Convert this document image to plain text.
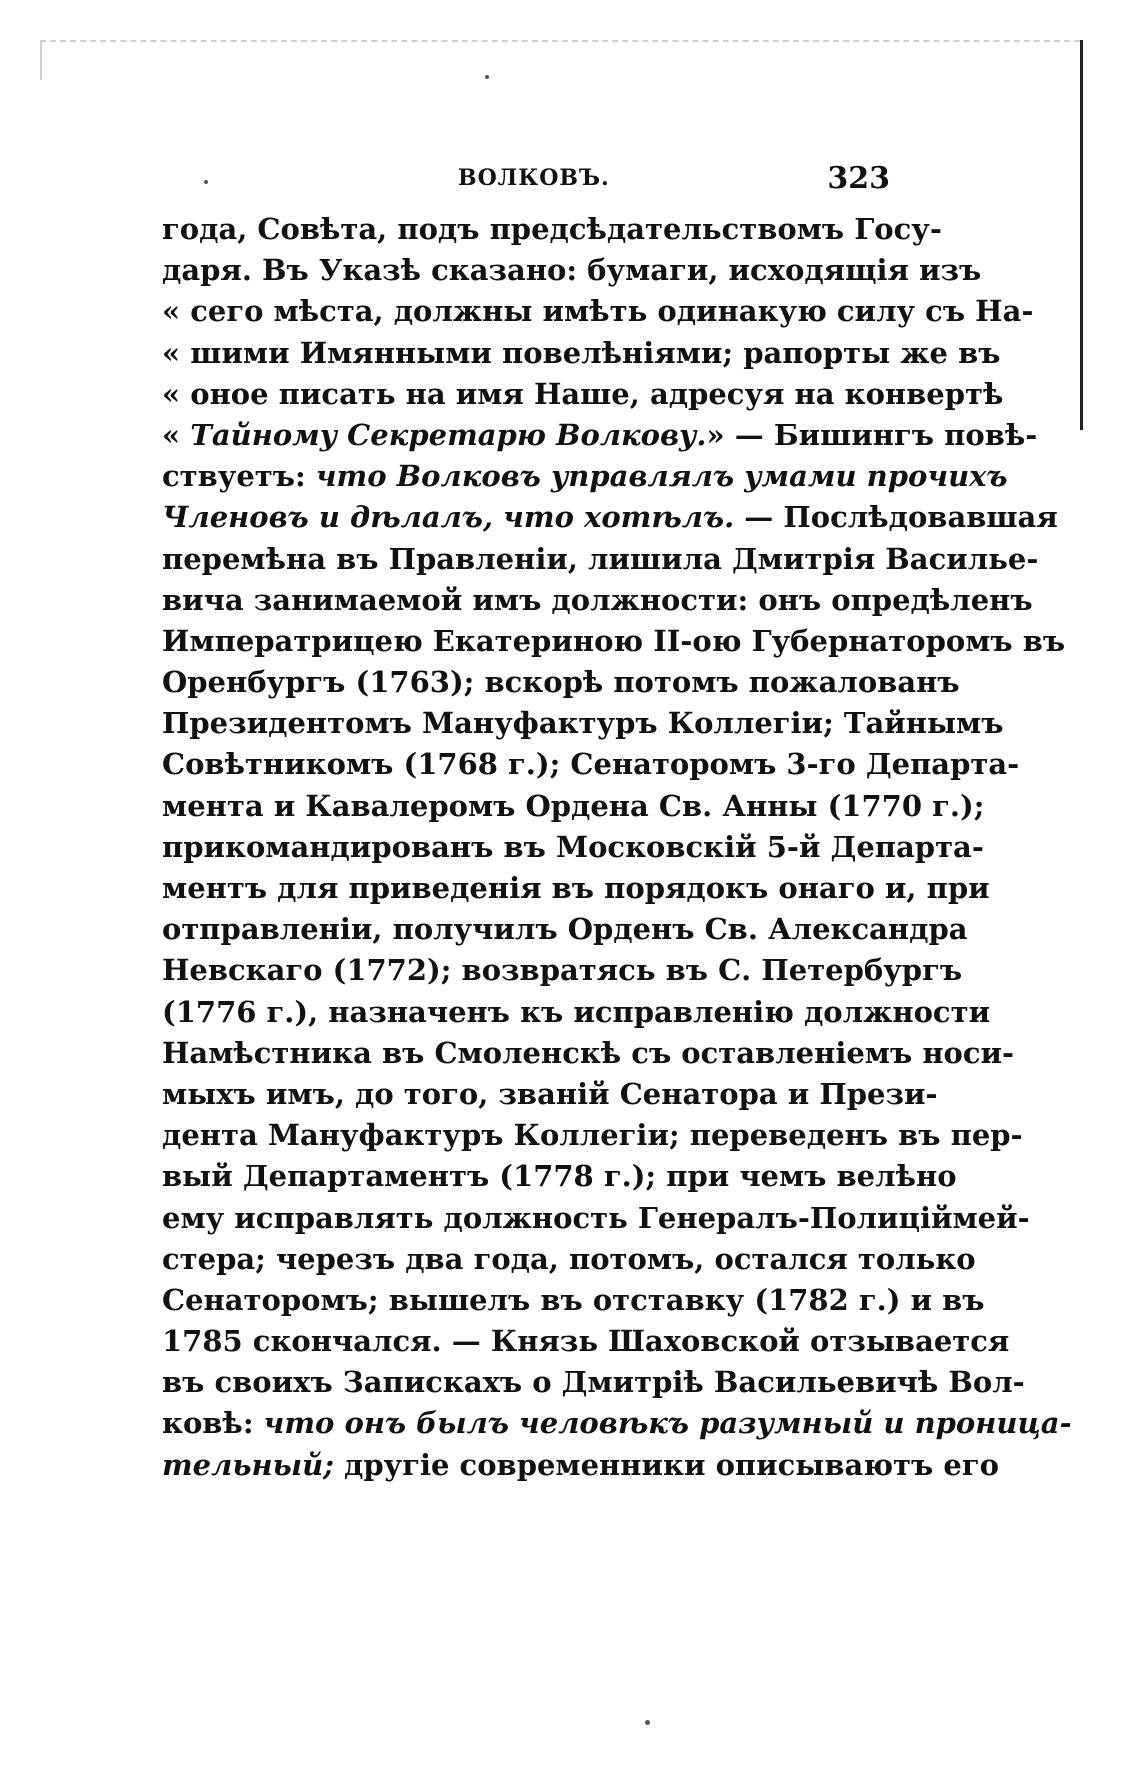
ВОЛКОВЪ.	323
года, Совѣта, подъ предсѣдательствомъ Госу-
даря. Въ Указѣ сказано: бумаги, исходящія изъ
« сего мѣста, должны имѣть одинакую силу съ На-
« шими Имянными повелѣніями; рапорты же въ
« оное писать на имя Наше, адресуя на конвертѣ
« Тайному Секретарю Волкову.» — Бишингъ повѣ-
ствуетъ: что Волковъ управлялъ умами прочихъ
Членовъ и дѣлалъ, что хотѣлъ. — Послѣдовавшая
перемѣна въ Правленіи, лишила Дмитрія Василье-
вича занимаемой имъ должности: онъ опредѣленъ
Императрицею Екатериною II-ою Губернаторомъ въ
Оренбургъ (1763); вскорѣ потомъ пожалованъ
Президентомъ Мануфактуръ Коллегіи; Тайнымъ
Совѣтникомъ (1768 г.); Сенаторомъ 3-го Департа-
мента и Кавалеромъ Ордена Св. Анны (1770 г.);
прикомандированъ въ Московскій 5-й Департа-
ментъ для приведенія въ порядокъ онаго и, при
отправленіи, получилъ Орденъ Св. Александра
Невскаго (1772); возвратясь въ С. Петербургъ
(1776 г.), назначенъ къ исправленію должности
Намѣстника въ Смоленскѣ съ оставленіемъ носи-
мыхъ имъ, до того, званій Сенатора и Прези-
дента Мануфактуръ Коллегіи; переведенъ въ пер-
вый Департаментъ (1778 г.); при чемъ велѣно
ему исправлять должность Генералъ-Полиціймей-
стера; черезъ два года, потомъ, остался только
Сенаторомъ; вышелъ въ отставку (1782 г.) и въ
1785 скончался. — Князь Шаховской отзывается
въ своихъ Запискахъ о Дмитріѣ Васильевичѣ Вол-
ковѣ: что онъ былъ человѣкъ разумный и проница-
тельный; другіе современники описываютъ его
